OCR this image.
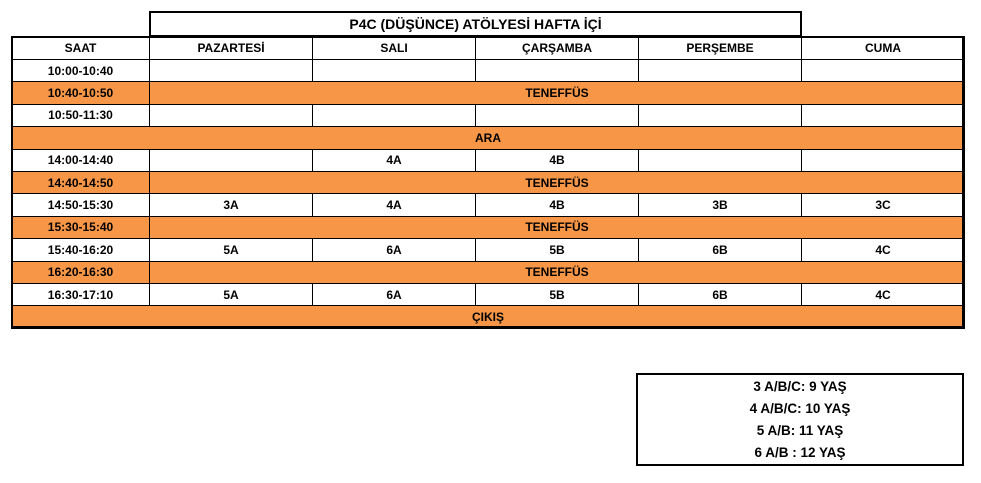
P4C (DÜŞÜNCE) ATÖLYESİ HAFTA İÇİ
SAAT	PAZARTESİ	SALI	ÇARŞAMBA	PERŞEMBE	CUMA
10:00-10:40					
10:40-10:50	TENEFFÜS				
10:50-11:30					
ARA					
14:00-14:40		4A	4B		
14:40-14:50	TENEFFÜS				
14:50-15:30	3A	4A	4B	3B	3C
15:30-15:40	TENEFFÜS				
15:40-16:20	5A	6A	5B	6B	4C
16:20-16:30	TENEFFÜS				
16:30-17:10	5A	6A	5B	6B	4C
ÇIKIŞ					
3 A/B/C: 9 YAŞ
4 A/B/C: 10 YAŞ
5 A/B: 11 YAŞ
6 A/B : 12 YAŞ
